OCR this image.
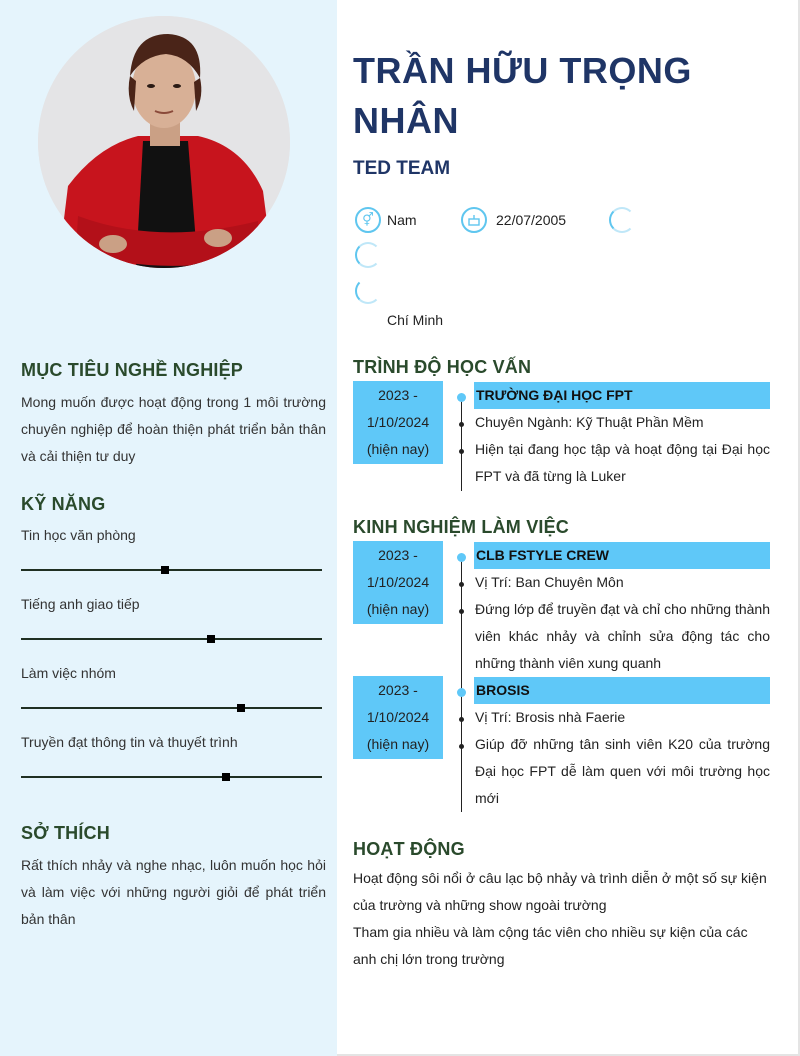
MỤC TIÊU NGHỀ NGHIỆP
Mong muốn được hoạt động trong 1 môi trường chuyên nghiệp để hoàn thiện phát triển bản thân và cải thiện tư duy
KỸ NĂNG
Tin học văn phòng
Tiếng anh giao tiếp
Làm việc nhóm
Truyền đạt thông tin và thuyết trình
SỞ THÍCH
Rất thích nhảy và nghe nhạc, luôn muốn học hỏi và làm việc với những người giỏi để phát triển bản thân
TRẦN HỮU TRỌNG NHÂN
TED TEAM
⚥ Nam	22/07/2005
Chí Minh
TRÌNH ĐỘ HỌC VẤN
2023 -
1/10/2024
(hiện nay)
TRƯỜNG ĐẠI HỌC FPT
Chuyên Ngành: Kỹ Thuật Phần Mềm
Hiện tại đang học tập và hoạt động tại Đại học FPT và đã từng là Luker
KINH NGHIỆM LÀM VIỆC
2023 -
1/10/2024
(hiện nay)
CLB FSTYLE CREW
Vị Trí: Ban Chuyên Môn
Đứng lớp để truyền đạt và chỉ cho những thành viên khác nhảy và chỉnh sửa động tác cho những thành viên xung quanh
2023 -
1/10/2024
(hiện nay)
BROSIS
Vị Trí: Brosis nhà Faerie
Giúp đỡ những tân sinh viên K20 của trường Đại học FPT dễ làm quen với môi trường học mới
HOẠT ĐỘNG
Hoạt động sôi nổi ở câu lạc bộ nhảy và trình diễn ở một số sự kiện của trường và những show ngoài trường
Tham gia nhiều và làm cộng tác viên cho nhiều sự kiện của các anh chị lớn trong trường
